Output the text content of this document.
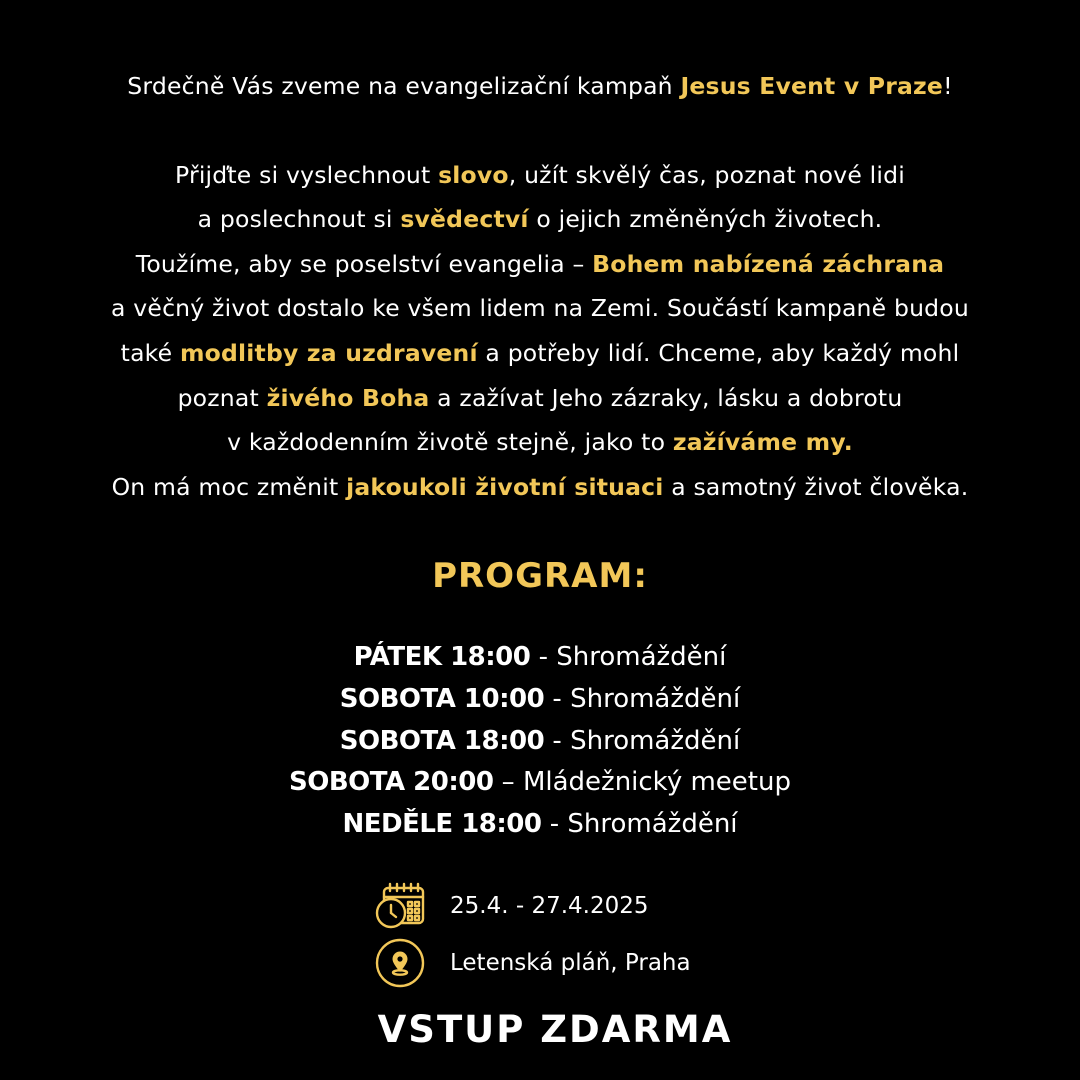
Srdečně Vás zveme na evangelizační kampaň Jesus Event v Praze!
Přijďte si vyslechnout slovo, užít skvělý čas, poznat nové lidi
a poslechnout si svědectví o jejich změněných životech.
Toužíme, aby se poselství evangelia – Bohem nabízená záchrana
a věčný život dostalo ke všem lidem na Zemi. Součástí kampaně budou
také modlitby za uzdravení a potřeby lidí. Chceme, aby každý mohl
poznat živého Boha a zažívat Jeho zázraky, lásku a dobrotu
v každodenním životě stejně, jako to zažíváme my.
On má moc změnit jakoukoli životní situaci a samotný život člověka.
PROGRAM:
PÁTEK 18:00 - Shromáždění
SOBOTA 10:00 - Shromáždění
SOBOTA 18:00 - Shromáždění
SOBOTA 20:00 – Mládežnický meetup
NEDĚLE 18:00 - Shromáždění
25.4. - 27.4.2025
Letenská pláň, Praha
VSTUP ZDARMA
